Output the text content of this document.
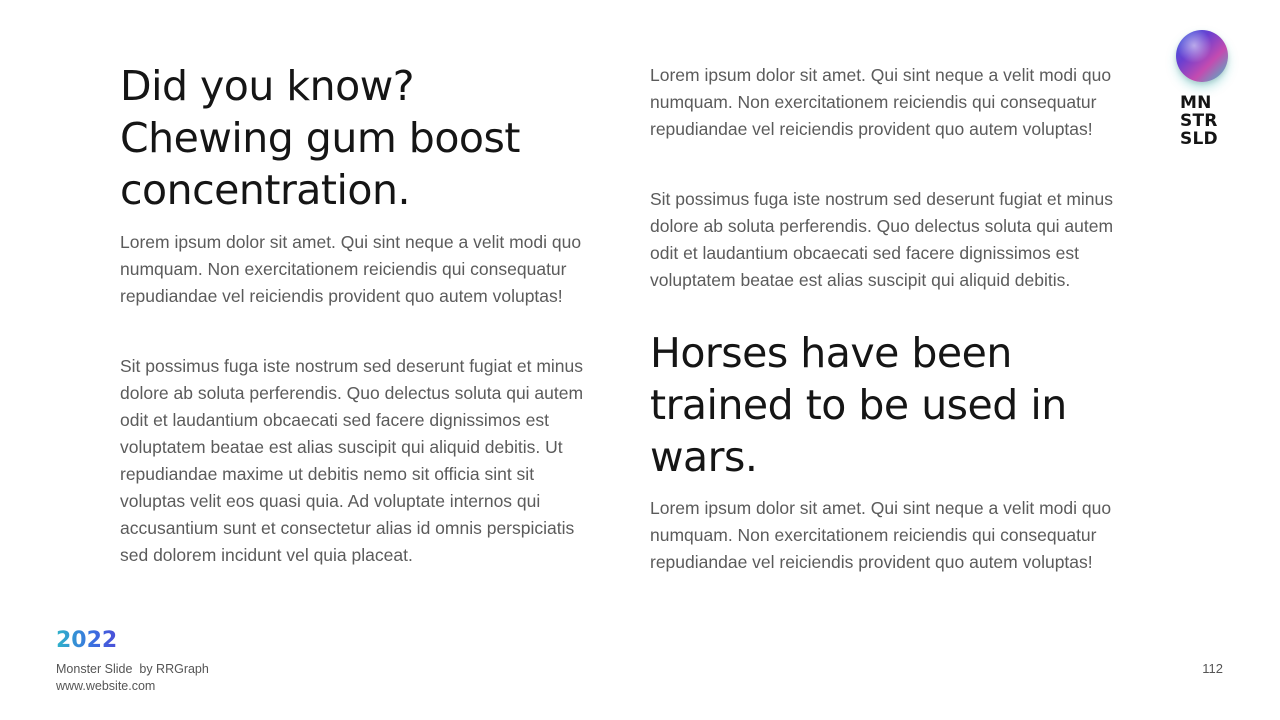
Did you know? Chewing gum boost concentration.

Lorem ipsum dolor sit amet. Qui sint neque a velit modi quo numquam. Non exercitationem reiciendis qui consequatur repudiandae vel reiciendis provident quo autem voluptas!

Sit possimus fuga iste nostrum sed deserunt fugiat et minus dolore ab soluta perferendis. Quo delectus soluta qui autem odit et laudantium obcaecati sed facere dignissimos est voluptatem beatae est alias suscipit qui aliquid debitis. Ut repudiandae maxime ut debitis nemo sit officia sint sit voluptas velit eos quasi quia. Ad voluptate internos qui accusantium sunt et consectetur alias id omnis perspiciatis sed dolorem incidunt vel quia placeat.

Lorem ipsum dolor sit amet. Qui sint neque a velit modi quo numquam. Non exercitationem reiciendis qui consequatur repudiandae vel reiciendis provident quo autem voluptas!

Sit possimus fuga iste nostrum sed deserunt fugiat et minus dolore ab soluta perferendis. Quo delectus soluta qui autem odit et laudantium obcaecati sed facere dignissimos est voluptatem beatae est alias suscipit qui aliquid debitis.

Horses have been trained to be used in wars.

Lorem ipsum dolor sit amet. Qui sint neque a velit modi quo numquam. Non exercitationem reiciendis qui consequatur repudiandae vel reiciendis provident quo autem voluptas!

MN
STR
SLD
2022
Monster Slide  by RRGraph
www.website.com
112
